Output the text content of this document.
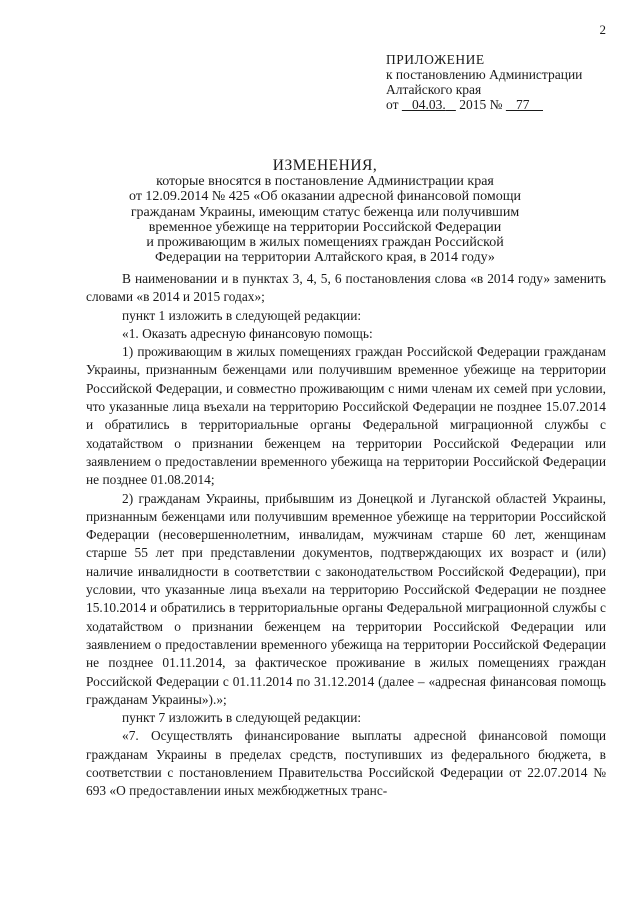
2
ПРИЛОЖЕНИЕ
к постановлению Администрации
Алтайского края
от 04.03. 2015 № 77
ИЗМЕНЕНИЯ,
которые вносятся в постановление Администрации края
от 12.09.2014 № 425 «Об оказании адресной финансовой помощи
гражданам Украины, имеющим статус беженца или получившим
временное убежище на территории Российской Федерации
и проживающим в жилых помещениях граждан Российской
Федерации на территории Алтайского края, в 2014 году»

В наименовании и в пунктах 3, 4, 5, 6 постановления слова «в 2014 году» заменить словами «в 2014 и 2015 годах»;

пункт 1 изложить в следующей редакции:

«1. Оказать адресную финансовую помощь:

1) проживающим в жилых помещениях граждан Российской Федерации гражданам Украины, признанным беженцами или получившим временное убежище на территории Российской Федерации, и совместно проживающим с ними членам их семей при условии, что указанные лица въехали на территорию Российской Федерации не позднее 15.07.2014 и обратились в территориальные органы Федеральной миграционной службы с ходатайством о признании беженцем на территории Российской Федерации или заявлением о предоставлении временного убежища на территории Российской Федерации не позднее 01.08.2014;

2) гражданам Украины, прибывшим из Донецкой и Луганской областей Украины, признанным беженцами или получившим временное убежище на территории Российской Федерации (несовершеннолетним, инвалидам, мужчинам старше 60 лет, женщинам старше 55 лет при представлении документов, подтверждающих их возраст и (или) наличие инвалидности в соответствии с законодательством Российской Федерации), при условии, что указанные лица въехали на территорию Российской Федерации не позднее 15.10.2014 и обратились в территориальные органы Федеральной миграционной службы с ходатайством о признании беженцем на территории Российской Федерации или заявлением о предоставлении временного убежища на территории Российской Федерации не позднее 01.11.2014, за фактическое проживание в жилых помещениях граждан Российской Федерации с 01.11.2014 по 31.12.2014 (далее – «адресная финансовая помощь гражданам Украины»).»;

пункт 7 изложить в следующей редакции:

«7. Осуществлять финансирование выплаты адресной финансовой помощи гражданам Украины в пределах средств, поступивших из федерального бюджета, в соответствии с постановлением Правительства Российской Федерации от 22.07.2014 № 693 «О предоставлении иных межбюджетных транс-
